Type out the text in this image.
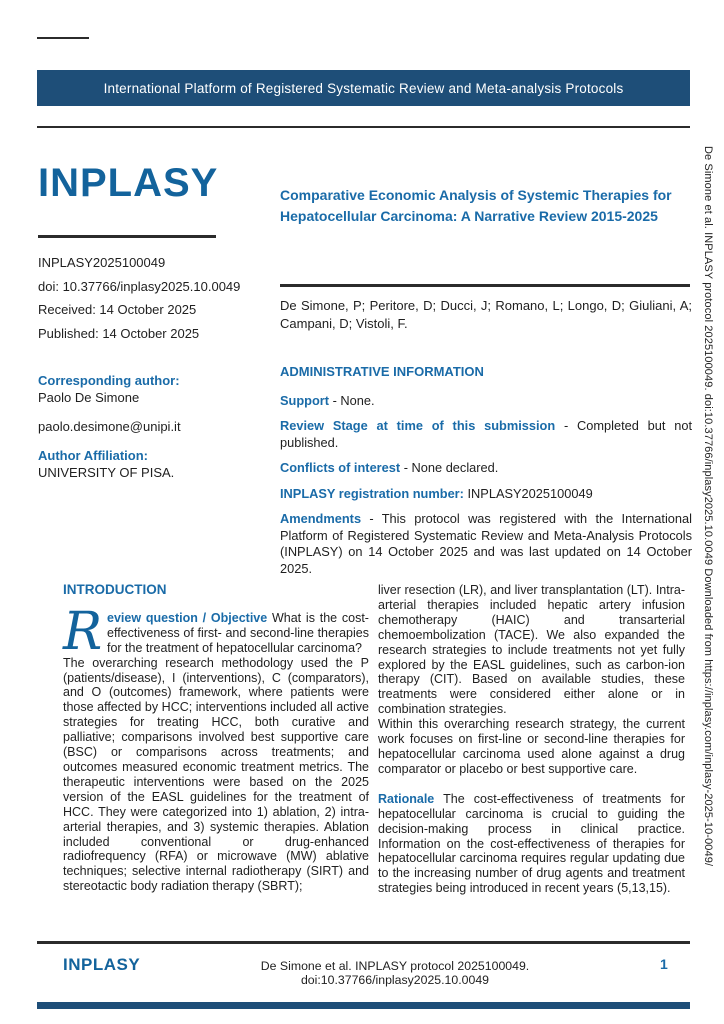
International Platform of Registered Systematic Review and Meta-analysis Protocols
INPLASY
INPLASY2025100049
doi: 10.37766/inplasy2025.10.0049
Received: 14 October 2025
Published: 14 October 2025
Corresponding author:
Paolo De Simone
paolo.desimone@unipi.it
Author Affiliation:
UNIVERSITY OF PISA.
Comparative Economic Analysis of Systemic Therapies for Hepatocellular Carcinoma: A Narrative Review 2015-2025
De Simone, P; Peritore, D; Ducci, J; Romano, L; Longo, D; Giuliani, A; Campani, D; Vistoli, F.
ADMINISTRATIVE INFORMATION

Support - None.

Review Stage at time of this submission - Completed but not published.

Conflicts of interest - None declared.

INPLASY registration number: INPLASY2025100049

Amendments - This protocol was registered with the International Platform of Registered Systematic Review and Meta-Analysis Protocols (INPLASY) on 14 October 2025 and was last updated on 14 October 2025.

INTRODUCTION

Review question / Objective What is the cost-effectiveness of first- and second-line therapies for the treatment of hepatocellular carcinoma?

The overarching research methodology used the P (patients/disease), I (interventions), C (comparators), and O (outcomes) framework, where patients were those affected by HCC; interventions included all active strategies for treating HCC, both curative and palliative; comparisons involved best supportive care (BSC) or comparisons across treatments; and outcomes measured economic treatment metrics. The therapeutic interventions were based on the 2025 version of the EASL guidelines for the treatment of HCC. They were categorized into 1) ablation, 2) intra-arterial therapies, and 3) systemic therapies. Ablation included conventional or drug-enhanced radiofrequency (RFA) or microwave (MW) ablative techniques; selective internal radiotherapy (SIRT) and stereotactic body radiation therapy (SBRT);

liver resection (LR), and liver transplantation (LT). Intra-arterial therapies included hepatic artery infusion chemotherapy (HAIC) and transarterial chemoembolization (TACE). We also expanded the research strategies to include treatments not yet fully explored by the EASL guidelines, such as carbon-ion therapy (CIT). Based on available studies, these treatments were considered either alone or in combination strategies.

Within this overarching research strategy, the current work focuses on first-line or second-line therapies for hepatocellular carcinoma used alone against a drug comparator or placebo or best supportive care.

Rationale The cost-effectiveness of treatments for hepatocellular carcinoma is crucial to guiding the decision-making process in clinical practice. Information on the cost-effectiveness of therapies for hepatocellular carcinoma requires regular updating due to the increasing number of drug agents and treatment strategies being introduced in recent years (5,13,15).

INPLASY	De Simone et al. INPLASY protocol 2025100049. doi:10.37766/inplasy2025.10.0049
1
De Simone et al. INPLASY protocol 2025100049. doi:10.37766/inplasy2025.10.0049 Downloaded from https://inplasy.com/inplasy-2025-10-0049/
